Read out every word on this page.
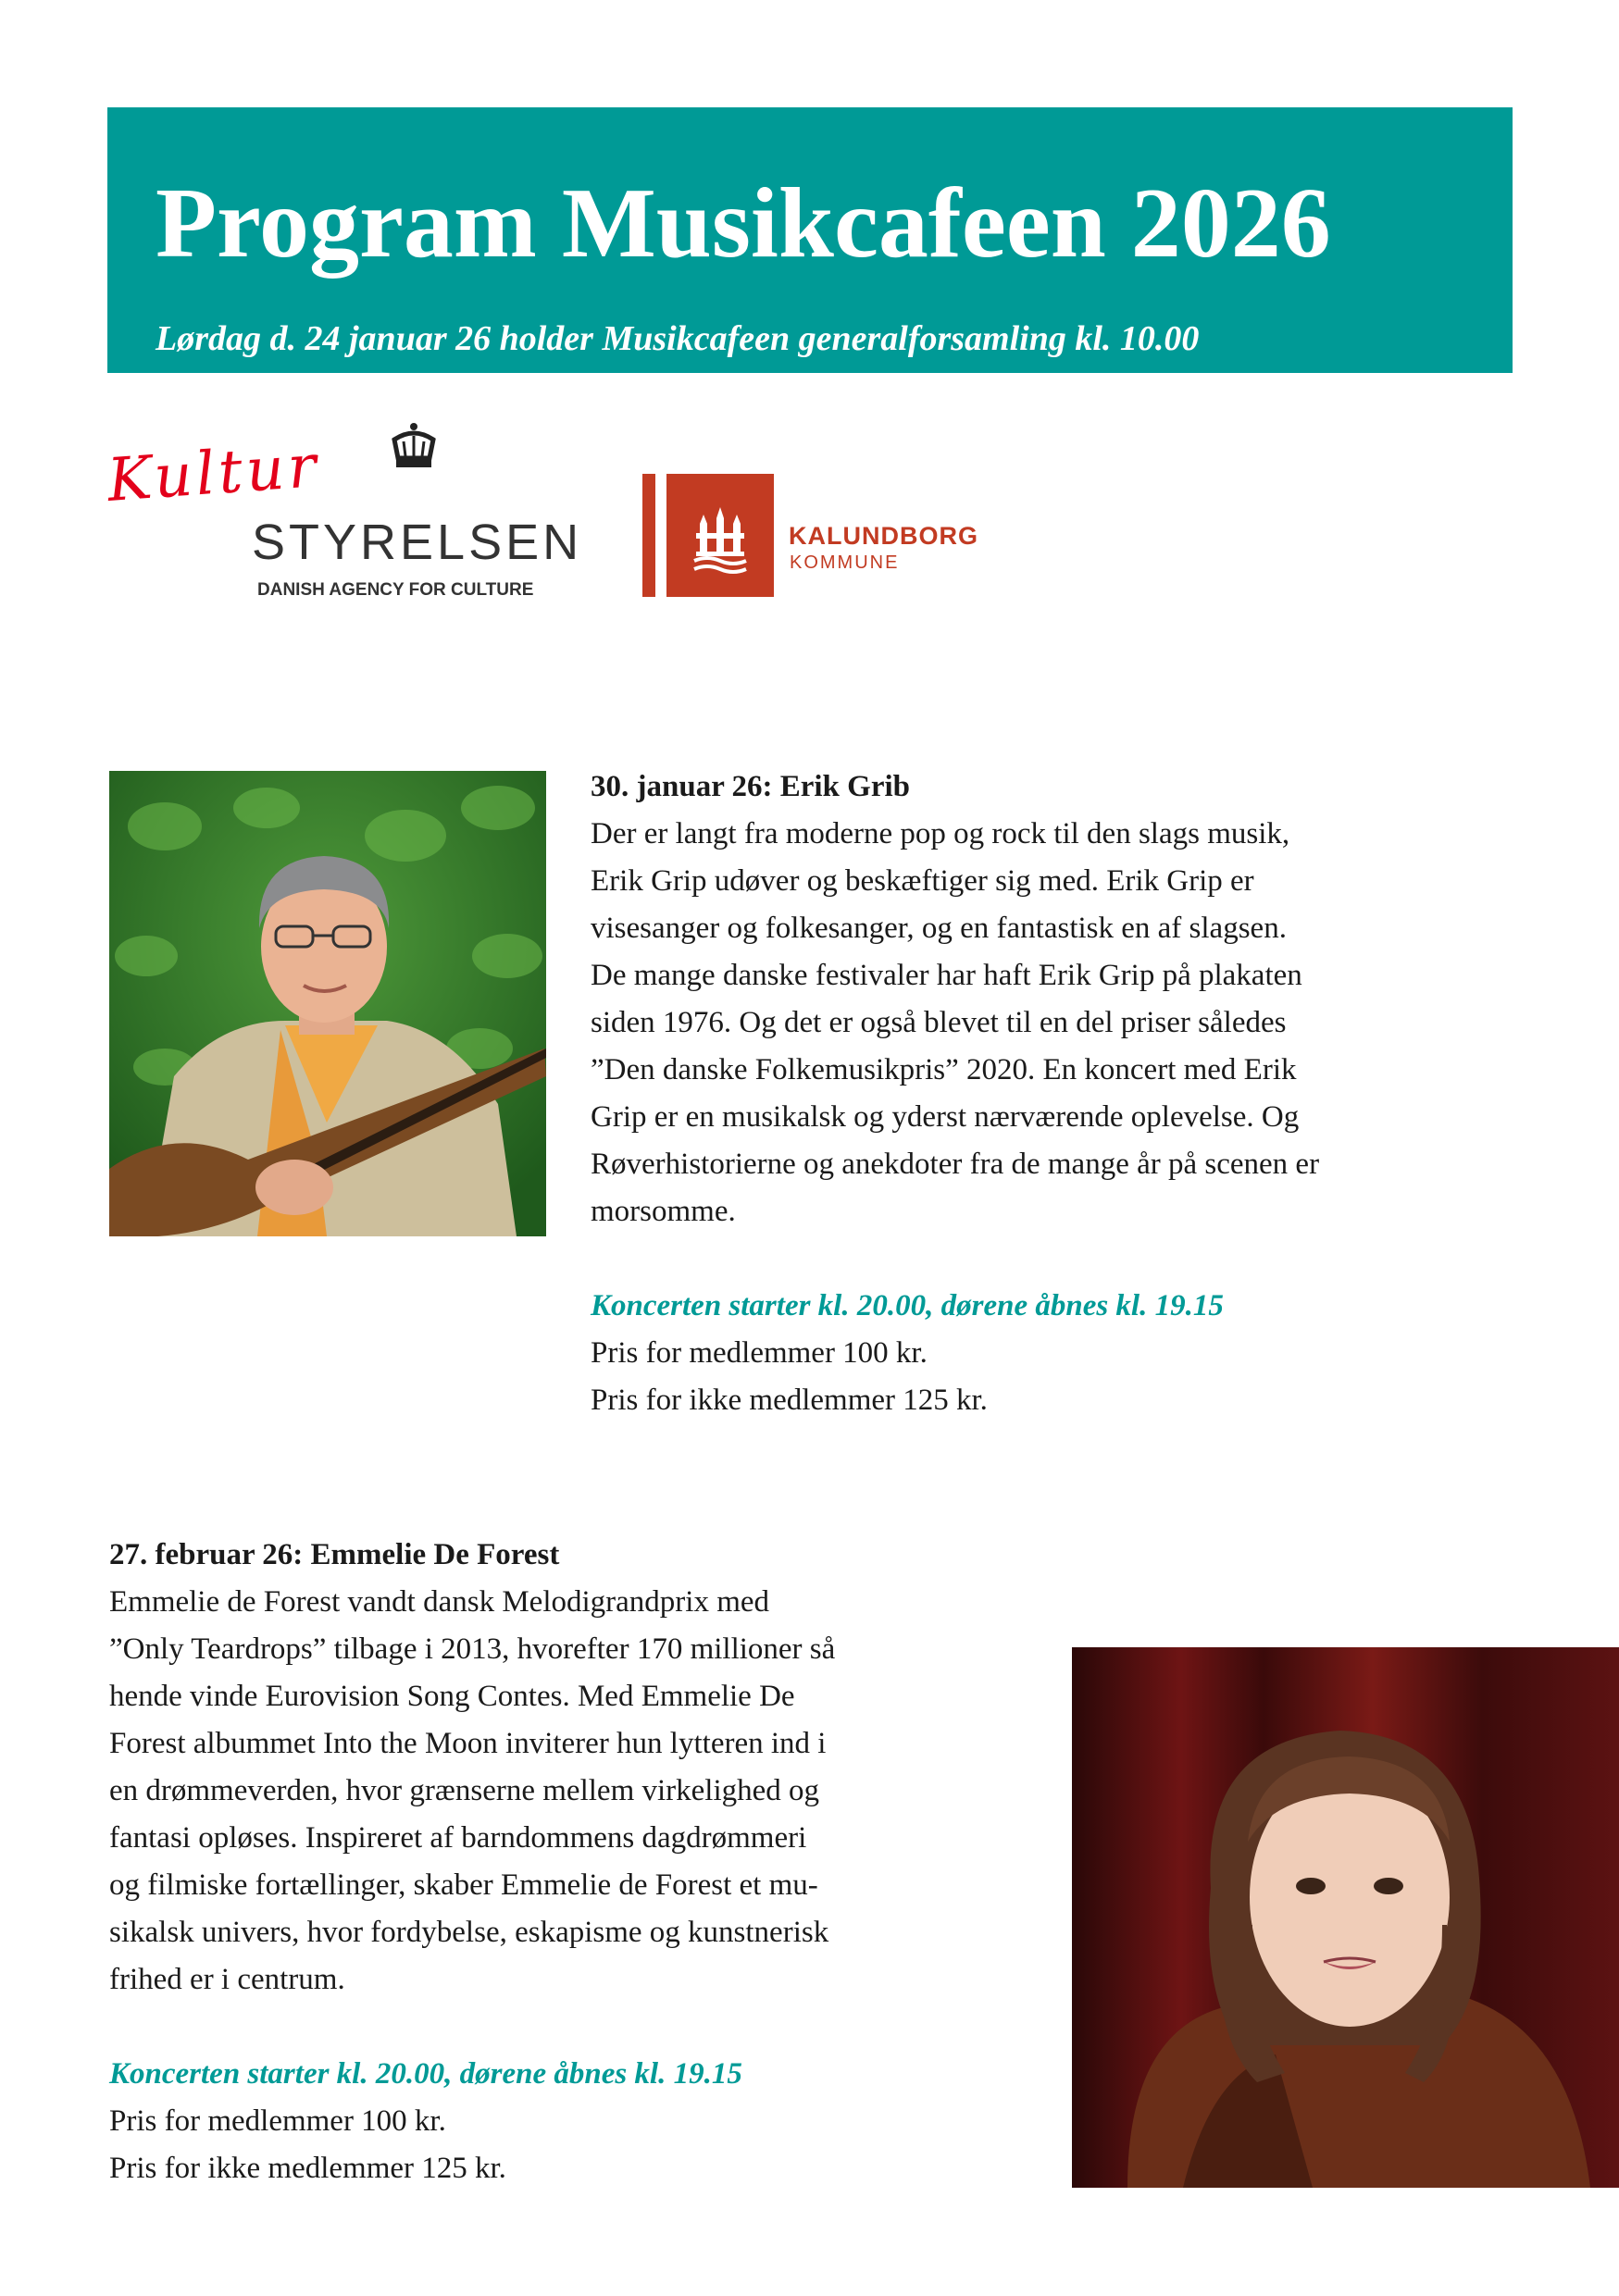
Program Musikcafeen 2026
Lørdag d. 24 januar 26 holder Musikcafeen generalforsamling kl. 10.00
Kultur
STYRELSEN
DANISH AGENCY FOR CULTURE
KALUNDBORG
KOMMUNE
30. januar 26: Erik Grib
Der er langt fra moderne pop og rock til den slags musik,
Erik Grip udøver og beskæftiger sig med. Erik Grip er
visesanger og folkesanger, og en fantastisk en af slagsen.
De mange danske festivaler har haft Erik Grip på plakaten
siden 1976. Og det er også blevet til en del priser således
”Den danske Folkemusikpris” 2020. En koncert med Erik
Grip er en musikalsk og yderst nærværende oplevelse. Og
Røverhistorierne og anekdoter fra de mange år på scenen er
morsomme.
Koncerten starter kl. 20.00, dørene åbnes kl. 19.15
Pris for medlemmer 100 kr.
Pris for ikke medlemmer 125 kr.
27. februar 26: Emmelie De Forest
Emmelie de Forest vandt dansk Melodigrandprix med
”Only Teardrops” tilbage i 2013, hvorefter 170 millioner så
hende vinde Eurovision Song Contes. Med Emmelie De
Forest albummet Into the Moon inviterer hun lytteren ind i
en drømmeverden, hvor grænserne mellem virkelighed og
fantasi opløses. Inspireret af barndommens dagdrømmeri
og filmiske fortællinger, skaber Emmelie de Forest et mu-
sikalsk univers, hvor fordybelse, eskapisme og kunstnerisk
frihed er i centrum.
Koncerten starter kl. 20.00, dørene åbnes kl. 19.15
Pris for medlemmer 100 kr.
Pris for ikke medlemmer 125 kr.
